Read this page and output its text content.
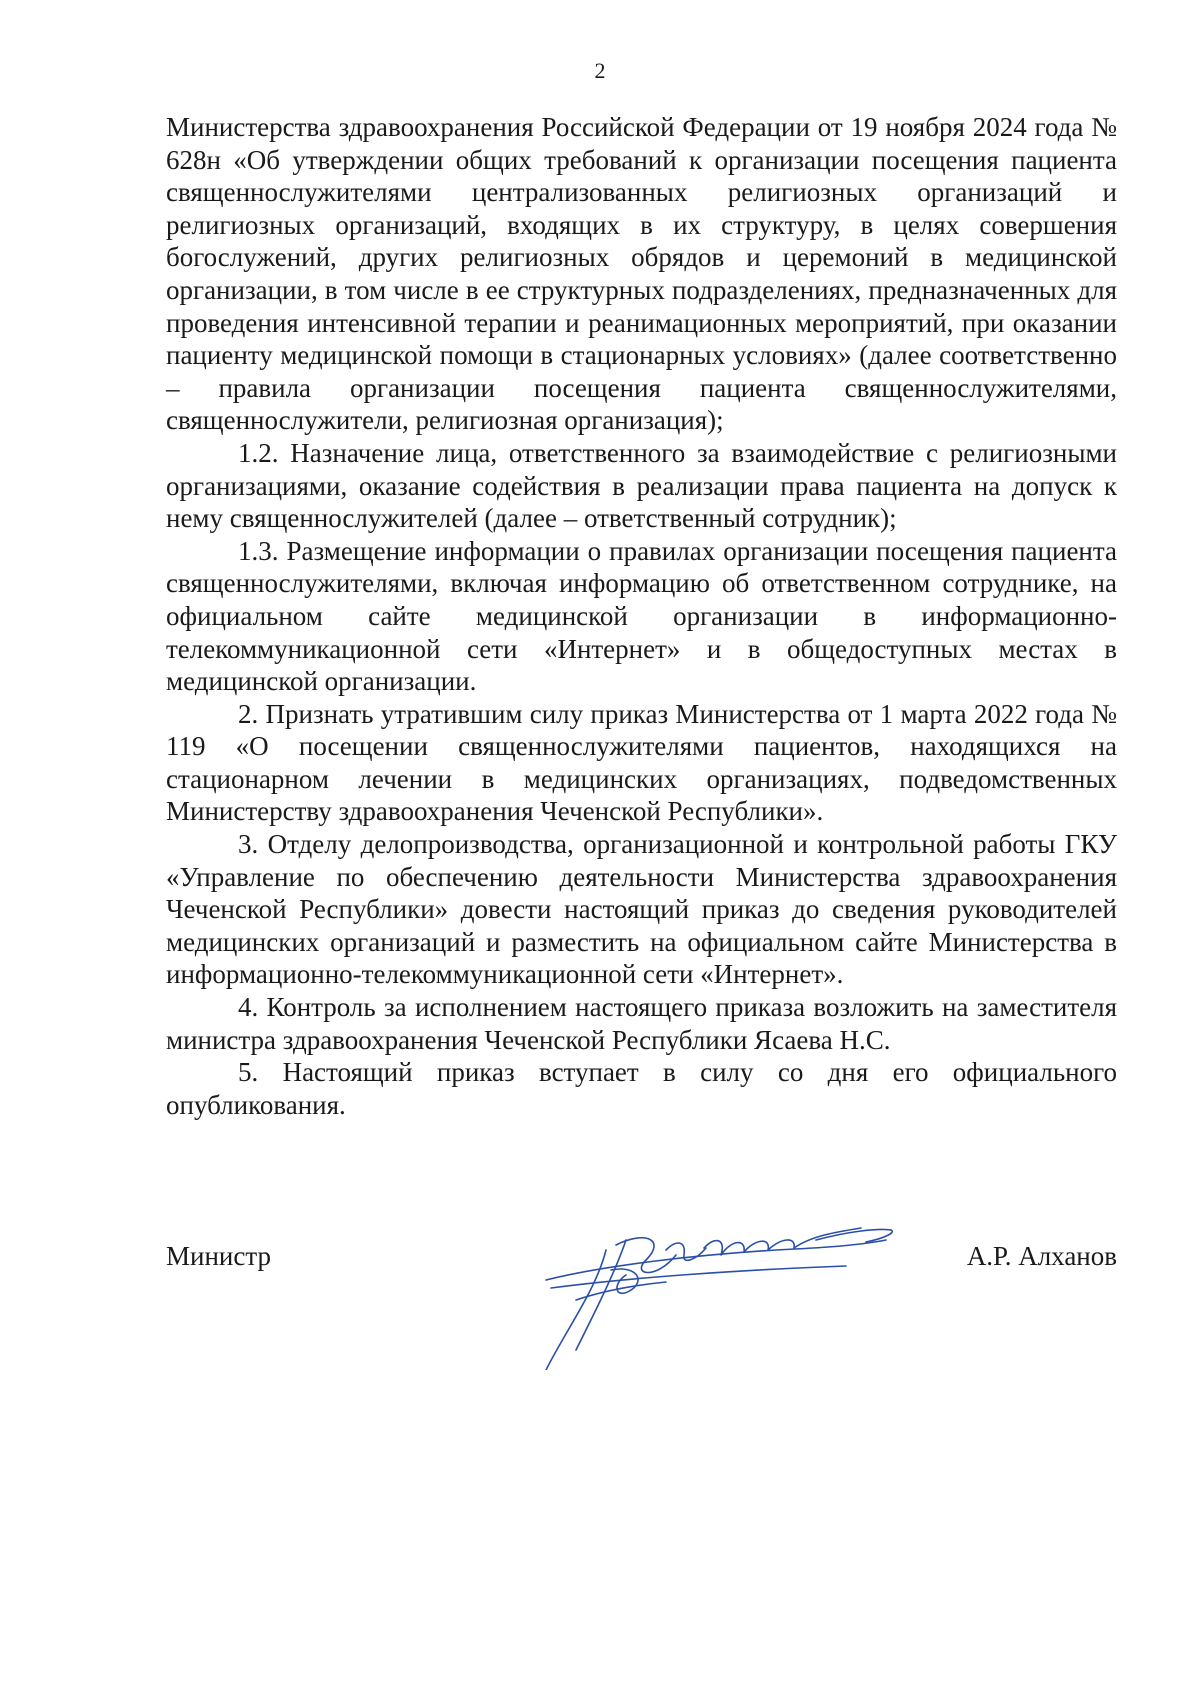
2

Министерства здравоохранения Российской Федерации от 19 ноября 2024 года № 628н «Об утверждении общих требований к организации посещения пациента священнослужителями централизованных религиозных организаций и религиозных организаций, входящих в их структуру, в целях совершения богослужений, других религиозных обрядов и церемоний в медицинской организации, в том числе в ее структурных подразделениях, предназначенных для проведения интенсивной терапии и реанимационных мероприятий, при оказании пациенту медицинской помощи в стационарных условиях» (далее соответственно – правила организации посещения пациента священнослужителями, священнослужители, религиозная организация);

1.2. Назначение лица, ответственного за взаимодействие с религиозными организациями, оказание содействия в реализации права пациента на допуск к нему священнослужителей (далее – ответственный сотрудник);

1.3. Размещение информации о правилах организации посещения пациента священнослужителями, включая информацию об ответственном сотруднике, на официальном сайте медицинской организации в информационно-телекоммуникационной сети «Интернет» и в общедоступных местах в медицинской организации.

2. Признать утратившим силу приказ Министерства от 1 марта 2022 года № 119 «О посещении священнослужителями пациентов, находящихся на стационарном лечении в медицинских организациях, подведомственных Министерству здравоохранения Чеченской Республики».

3. Отделу делопроизводства, организационной и контрольной работы ГКУ «Управление по обеспечению деятельности Министерства здравоохранения Чеченской Республики» довести настоящий приказ до сведения руководителей медицинских организаций и разместить на официальном сайте Министерства в информационно-телекоммуникационной сети «Интернет».

4. Контроль за исполнением настоящего приказа возложить на заместителя министра здравоохранения Чеченской Республики Ясаева Н.С.

5. Настоящий приказ вступает в силу со дня его официального опубликования.

Министр	А.Р. Алханов
